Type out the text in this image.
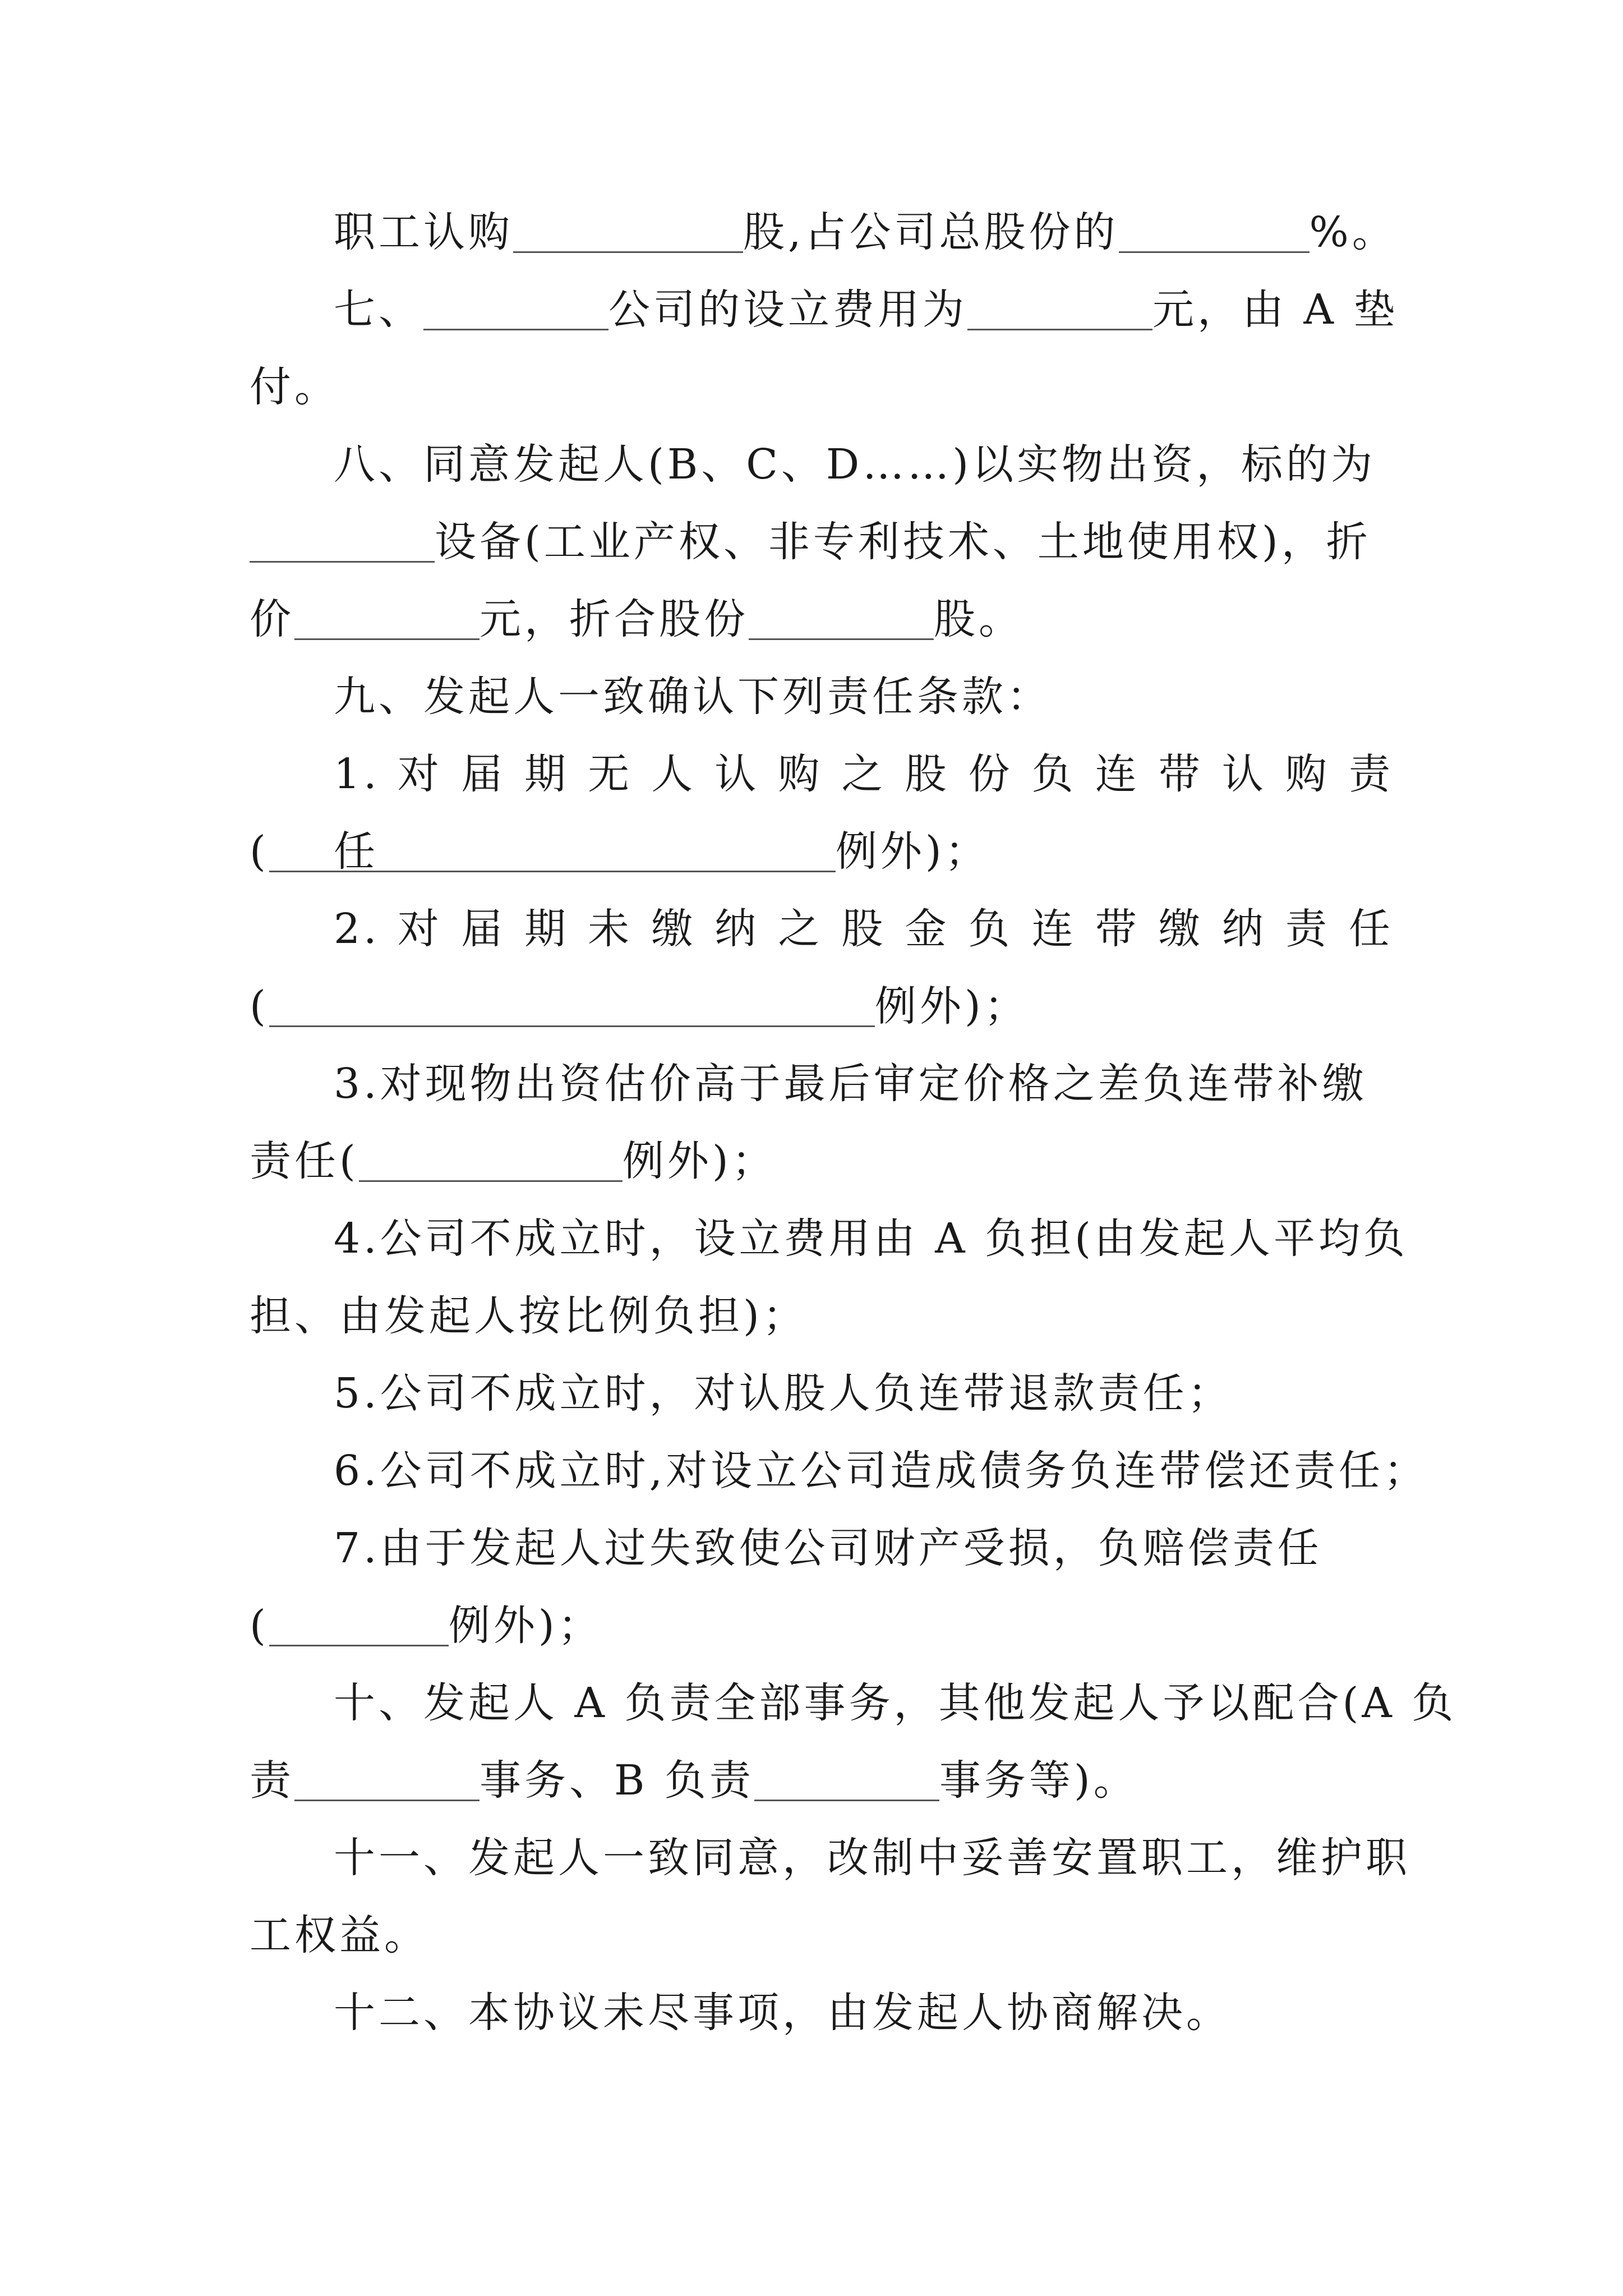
职工认购	股,占公司总股份的	%。
七、	公司的设立费用为	元，由 A 垫
付。
八、同意发起人(B、C、D……)以实物出资，标的为
设备(工业产权、非专利技术、土地使用权)，折
价	元，折合股份	股。
九、发起人一致确认下列责任条款：
1. 对 届 期 无 人 认 购 之 股 份 负 连 带 认 购 责 任
(	例外)；
2. 对 届 期 未 缴 纳 之 股 金 负 连 带 缴 纳 责 任
(	例外)；
3.对现物出资估价高于最后审定价格之差负连带补缴
责任(	例外)；
4.公司不成立时，设立费用由 A 负担(由发起人平均负
担、由发起人按比例负担)；
5.公司不成立时，对认股人负连带退款责任；
6.公司不成立时,对设立公司造成债务负连带偿还责任；
7.由于发起人过失致使公司财产受损，负赔偿责任
(	例外)；
十、发起人 A 负责全部事务，其他发起人予以配合(A 负
责	事务、B 负责	事务等)。
十一、发起人一致同意，改制中妥善安置职工，维护职
工权益。
十二、本协议未尽事项，由发起人协商解决。
